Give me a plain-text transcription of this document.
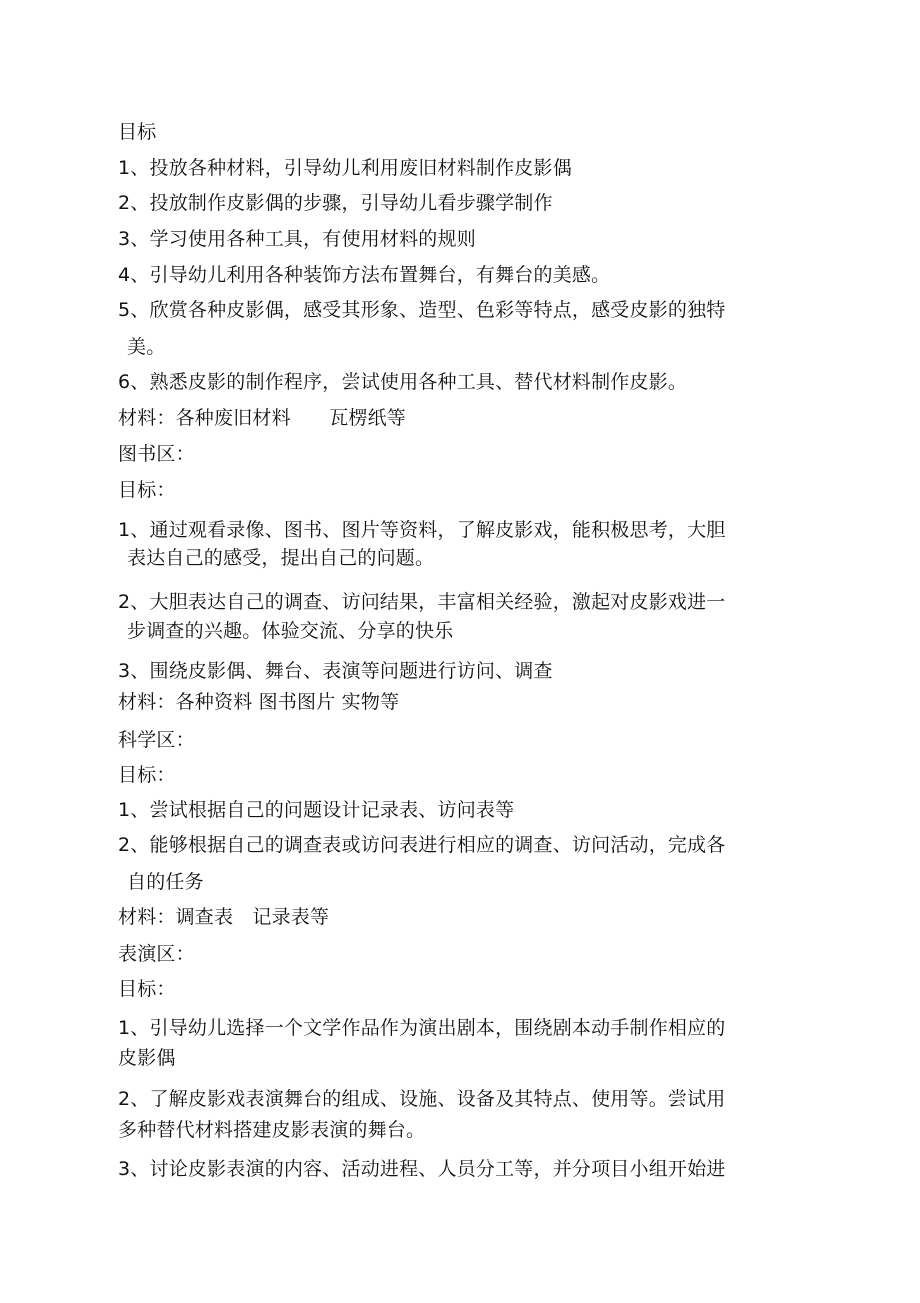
目标
1、投放各种材料，引导幼儿利用废旧材料制作皮影偶
2、投放制作皮影偶的步骤，引导幼儿看步骤学制作
3、学习使用各种工具，有使用材料的规则
4、引导幼儿利用各种装饰方法布置舞台，有舞台的美感。
5、欣赏各种皮影偶，感受其形象、造型、色彩等特点，感受皮影的独特
美。
6、熟悉皮影的制作程序，尝试使用各种工具、替代材料制作皮影。
材料：各种废旧材料　　瓦楞纸等
图书区：
目标：
1、通过观看录像、图书、图片等资料，了解皮影戏，能积极思考，大胆
表达自己的感受，提出自己的问题。
2、大胆表达自己的调查、访问结果，丰富相关经验，激起对皮影戏进一
步调查的兴趣。体验交流、分享的快乐
3、围绕皮影偶、舞台、表演等问题进行访问、调查
材料：各种资料 图书图片 实物等
科学区：
目标：
1、尝试根据自己的问题设计记录表、访问表等
2、能够根据自己的调查表或访问表进行相应的调查、访问活动，完成各
自的任务
材料：调查表　记录表等
表演区：
目标：
1、引导幼儿选择一个文学作品作为演出剧本，围绕剧本动手制作相应的
皮影偶
2、了解皮影戏表演舞台的组成、设施、设备及其特点、使用等。尝试用
多种替代材料搭建皮影表演的舞台。
3、讨论皮影表演的内容、活动进程、人员分工等，并分项目小组开始进
